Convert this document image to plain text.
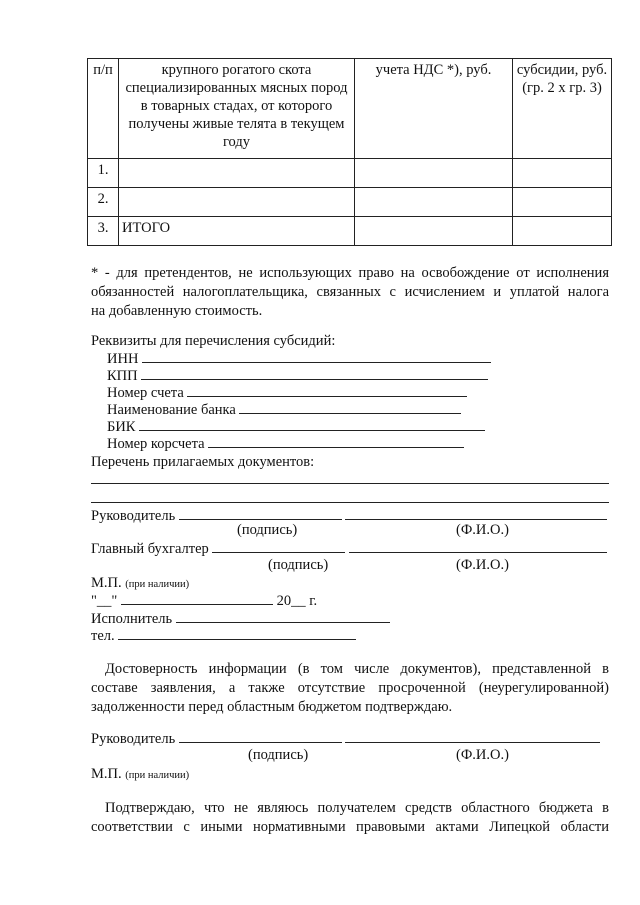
п/п	крупного рогатого скота специализированных мясных пород в товарных стадах, от которого получены живые телята в текущем году	учета НДС *), руб.	субсидии, руб. (гр. 2 х гр. 3)
1.			
2.			
3.	ИТОГО		
* - для претендентов, не использующих право на освобождение от исполнения
обязанностей налогоплательщика, связанных с исчислением и уплатой налога
на добавленную стоимость.
Реквизиты для перечисления субсидий:
ИНН
КПП
Номер счета
Наименование банка
БИК
Номер корсчета
Перечень прилагаемых документов:
Руководитель
(подпись)	(Ф.И.О.)
Главный бухгалтер
(подпись)	(Ф.И.О.)
М.П. (при наличии)
"__"	20__ г.
Исполнитель
тел.
Достоверность информации (в том числе документов), представленной в
составе заявления, а также отсутствие просроченной (неурегулированной)
задолженности перед областным бюджетом подтверждаю.
Руководитель
(подпись)	(Ф.И.О.)
М.П. (при наличии)
Подтверждаю, что не являюсь получателем средств областного бюджета в
соответствии с иными нормативными правовыми актами Липецкой области
